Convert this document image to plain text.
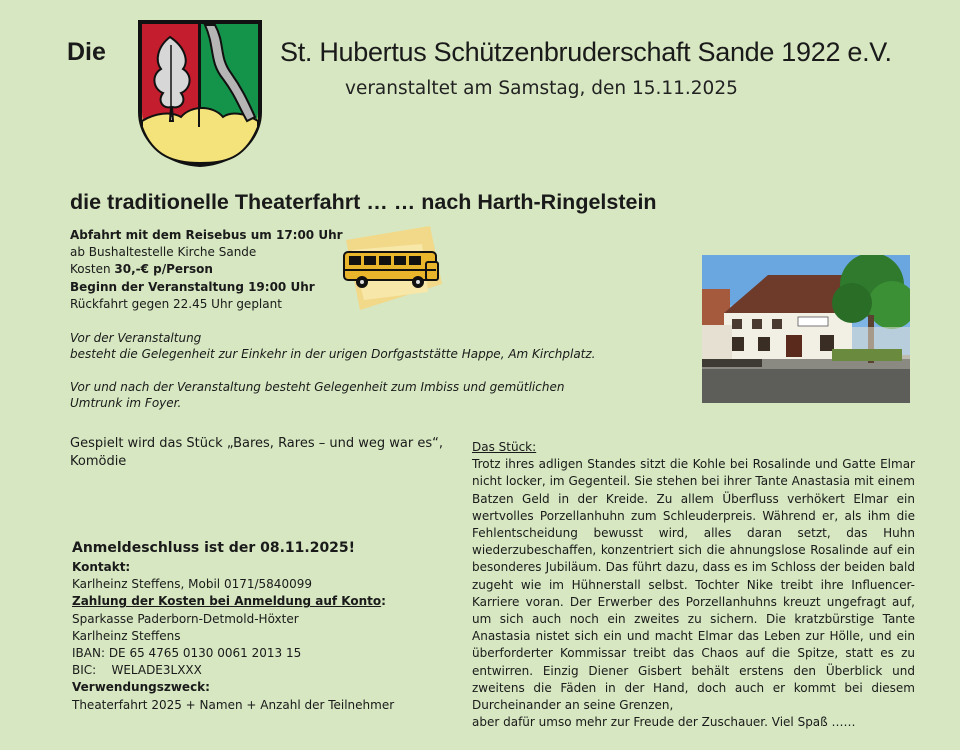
Die	St. Hubertus Schützenbruderschaft Sande 1922 e.V.
veranstaltet am Samstag, den 15.11.2025
die traditionelle Theaterfahrt … … nach Harth-Ringelstein
Abfahrt mit dem Reisebus um 17:00 Uhr
ab Bushaltestelle Kirche Sande
Kosten 30,-€ p/Person
Beginn der Veranstaltung 19:00 Uhr
Rückfahrt gegen 22.45 Uhr geplant
Vor der Veranstaltung
besteht die Gelegenheit zur Einkehr in der urigen Dorfgaststätte Happe, Am Kirchplatz.
Vor und nach der Veranstaltung besteht Gelegenheit zum Imbiss und gemütlichen
Umtrunk im Foyer.
Gespielt wird das Stück „Bares, Rares – und weg war es“,
Komödie
Das Stück:
Trotz ihres adligen Standes sitzt die Kohle bei Rosalinde und Gatte Elmar nicht locker, im Gegenteil. Sie stehen bei ihrer Tante Anastasia mit einem Batzen Geld in der Kreide. Zu allem Überfluss verhökert Elmar ein wertvolles Porzellanhuhn zum Schleuderpreis. Während er, als ihm die Fehlentscheidung bewusst wird, alles daran setzt, das Huhn wiederzubeschaffen, konzentriert sich die ahnungslose Rosalinde auf ein besonderes Jubiläum. Das führt dazu, dass es im Schloss der beiden bald zugeht wie im Hühnerstall selbst. Tochter Nike treibt ihre Influencer-Karriere voran. Der Erwerber des Porzellanhuhns kreuzt ungefragt auf, um sich auch noch ein zweites zu sichern. Die kratzbürstige Tante Anastasia nistet sich ein und macht Elmar das Leben zur Hölle, und ein überforderter Kommissar treibt das Chaos auf die Spitze, statt es zu entwirren. Einzig Diener Gisbert behält erstens den Überblick und zweitens die Fäden in der Hand, doch auch er kommt bei diesem Durcheinander an seine Grenzen,
aber dafür umso mehr zur Freude der Zuschauer. Viel Spaß ……
Anmeldeschluss ist der 08.11.2025!
Kontakt:
Karlheinz Steffens, Mobil 0171/5840099
Zahlung der Kosten bei Anmeldung auf Konto:
Sparkasse Paderborn-Detmold-Höxter
Karlheinz Steffens
IBAN: DE 65 4765 0130 0061 2013 15
BIC:    WELADE3LXXX
Verwendungszweck:
Theaterfahrt 2025 + Namen + Anzahl der Teilnehmer
